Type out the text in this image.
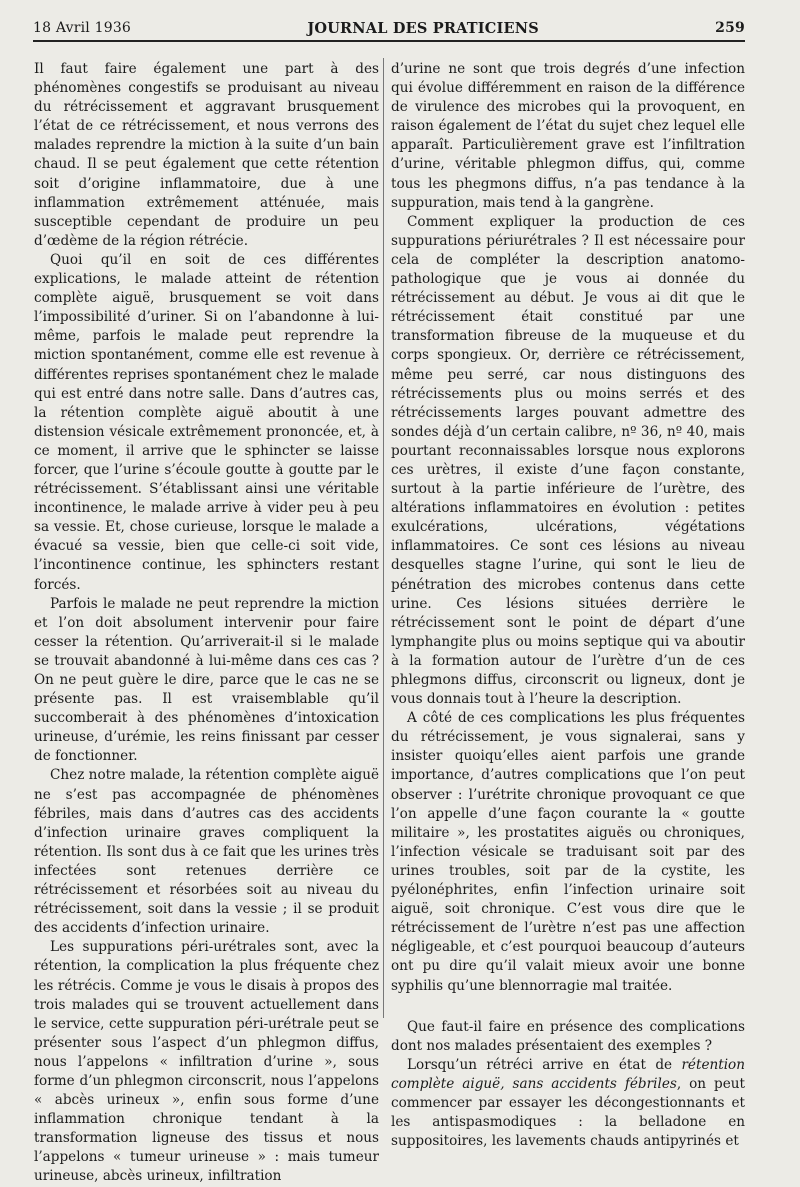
18 Avril 1936	JOURNAL DES PRATICIENS	259

Il faut faire également une part à des phénomènes congestifs se produisant au niveau du rétrécissement et aggravant brusquement l’état de ce rétrécissement, et nous verrons des malades reprendre la miction à la suite d’un bain chaud. Il se peut également que cette rétention soit d’origine inflammatoire, due à une inflammation extrêmement atténuée, mais susceptible cependant de produire un peu d’œdème de la région rétrécie.

Quoi qu’il en soit de ces différentes explications, le malade atteint de rétention complète aiguë, brusquement se voit dans l’impossibilité d’uriner. Si on l’abandonne à lui-même, parfois le malade peut reprendre la miction spontanément, comme elle est revenue à différentes reprises spontanément chez le malade qui est entré dans notre salle. Dans d’autres cas, la rétention complète aiguë aboutit à une distension vésicale extrêmement prononcée, et, à ce moment, il arrive que le sphincter se laisse forcer, que l’urine s’écoule goutte à goutte par le rétrécissement. S’établissant ainsi une véritable incontinence, le malade arrive à vider peu à peu sa vessie. Et, chose curieuse, lorsque le malade a évacué sa vessie, bien que celle-ci soit vide, l’incontinence continue, les sphincters restant forcés.

Parfois le malade ne peut reprendre la miction et l’on doit absolument intervenir pour faire cesser la rétention. Qu’arriverait-il si le malade se trouvait abandonné à lui-même dans ces cas ? On ne peut guère le dire, parce que le cas ne se présente pas. Il est vraisemblable qu’il succomberait à des phénomènes d’intoxication urineuse, d’urémie, les reins finissant par cesser de fonctionner.

Chez notre malade, la rétention complète aiguë ne s’est pas accompagnée de phénomènes fébriles, mais dans d’autres cas des accidents d’infection urinaire graves compliquent la rétention. Ils sont dus à ce fait que les urines très infectées sont retenues derrière ce rétrécissement et résorbées soit au niveau du rétrécissement, soit dans la vessie ; il se produit des accidents d’infection urinaire.

Les suppurations péri-urétrales sont, avec la rétention, la complication la plus fréquente chez les rétrécis. Comme je vous le disais à propos des trois malades qui se trouvent actuellement dans le service, cette suppuration péri-urétrale peut se présenter sous l’aspect d’un phlegmon diffus, nous l’appelons « infiltration d’urine », sous forme d’un phlegmon circonscrit, nous l’appelons « abcès urineux », enfin sous forme d’une inflammation chronique tendant à la transformation ligneuse des tissus et nous l’appelons « tumeur urineuse » : mais tumeur urineuse, abcès urineux, infiltration

d’urine ne sont que trois degrés d’une infection qui évolue différemment en raison de la différence de virulence des microbes qui la provoquent, en raison également de l’état du sujet chez lequel elle apparaît. Particulièrement grave est l’infiltration d’urine, véritable phlegmon diffus, qui, comme tous les phegmons diffus, n’a pas tendance à la suppuration, mais tend à la gangrène.

Comment expliquer la production de ces suppurations périurétrales ? Il est nécessaire pour cela de compléter la description anatomo-pathologique que je vous ai donnée du rétrécissement au début. Je vous ai dit que le rétrécissement était constitué par une transformation fibreuse de la muqueuse et du corps spongieux. Or, derrière ce rétrécissement, même peu serré, car nous distinguons des rétrécissements plus ou moins serrés et des rétrécissements larges pouvant admettre des sondes déjà d’un certain calibre, nº 36, nº 40, mais pourtant reconnaissables lorsque nous explorons ces urètres, il existe d’une façon constante, surtout à la partie inférieure de l’urètre, des altérations inflammatoires en évolution : petites exulcérations, ulcérations, végétations inflammatoires. Ce sont ces lésions au niveau desquelles stagne l’urine, qui sont le lieu de pénétration des microbes contenus dans cette urine. Ces lésions situées derrière le rétrécissement sont le point de départ d’une lymphangite plus ou moins septique qui va aboutir à la formation autour de l’urètre d’un de ces phlegmons diffus, circonscrit ou ligneux, dont je vous donnais tout à l’heure la description.

A côté de ces complications les plus fréquentes du rétrécissement, je vous signalerai, sans y insister quoiqu’elles aient parfois une grande importance, d’autres complications que l’on peut observer : l’urétrite chronique provoquant ce que l’on appelle d’une façon courante la « goutte militaire », les prostatites aiguës ou chroniques, l’infection vésicale se traduisant soit par des urines troubles, soit par de la cystite, les pyélonéphrites, enfin l’infection urinaire soit aiguë, soit chronique. C’est vous dire que le rétrécissement de l’urètre n’est pas une affection négligeable, et c’est pourquoi beaucoup d’auteurs ont pu dire qu’il valait mieux avoir une bonne syphilis qu’une blennorragie mal traitée.

Que faut-il faire en présence des complications dont nos malades présentaient des exemples ?

Lorsqu’un rétréci arrive en état de rétention complète aiguë, sans accidents fébriles, on peut commencer par essayer les décongestionnants et les antispasmodiques : la belladone en suppositoires, les lavements chauds antipyrinés et
